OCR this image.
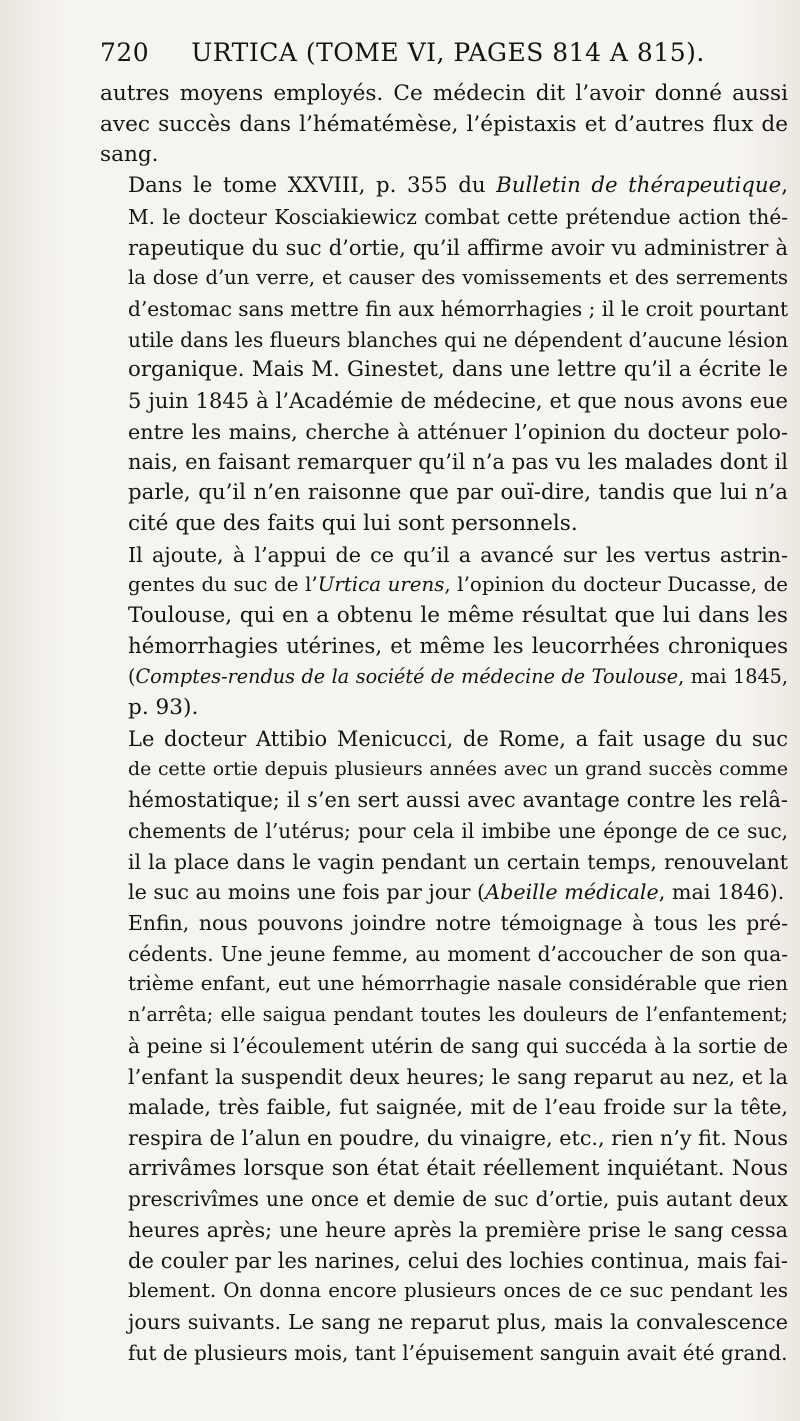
720 URTICA (TOME VI, PAGES 814 A 815).

autres moyens employés. Ce médecin dit l’avoir donné aussi
avec succès dans l’hématémèse, l’épistaxis et d’autres flux de
sang.

Dans le tome XXVIII, p. 355 du Bulletin de thérapeutique,
M. le docteur Kosciakiewicz combat cette prétendue action thé-
rapeutique du suc d’ortie, qu’il affirme avoir vu administrer à
la dose d’un verre, et causer des vomissements et des serrements
d’estomac sans mettre fin aux hémorrhagies ; il le croit pourtant
utile dans les flueurs blanches qui ne dépendent d’aucune lésion
organique. Mais M. Ginestet, dans une lettre qu’il a écrite le
5 juin 1845 à l’Académie de médecine, et que nous avons eue
entre les mains, cherche à atténuer l’opinion du docteur polo-
nais, en faisant remarquer qu’il n’a pas vu les malades dont il
parle, qu’il n’en raisonne que par ouï-dire, tandis que lui n’a
cité que des faits qui lui sont personnels.

Il ajoute, à l’appui de ce qu’il a avancé sur les vertus astrin-
gentes du suc de l’Urtica urens, l’opinion du docteur Ducasse, de
Toulouse, qui en a obtenu le même résultat que lui dans les
hémorrhagies utérines, et même les leucorrhées chroniques
(Comptes-rendus de la société de médecine de Toulouse, mai 1845,
p. 93).

Le docteur Attibio Menicucci, de Rome, a fait usage du suc
de cette ortie depuis plusieurs années avec un grand succès comme
hémostatique; il s’en sert aussi avec avantage contre les relâ-
chements de l’utérus; pour cela il imbibe une éponge de ce suc,
il la place dans le vagin pendant un certain temps, renouvelant
le suc au moins une fois par jour (Abeille médicale, mai 1846).

Enfin, nous pouvons joindre notre témoignage à tous les pré-
cédents. Une jeune femme, au moment d’accoucher de son qua-
trième enfant, eut une hémorrhagie nasale considérable que rien
n’arrêta; elle saigua pendant toutes les douleurs de l’enfantement;
à peine si l’écoulement utérin de sang qui succéda à la sortie de
l’enfant la suspendit deux heures; le sang reparut au nez, et la
malade, très faible, fut saignée, mit de l’eau froide sur la tête,
respira de l’alun en poudre, du vinaigre, etc., rien n’y fit. Nous
arrivâmes lorsque son état était réellement inquiétant. Nous
prescrivîmes une once et demie de suc d’ortie, puis autant deux
heures après; une heure après la première prise le sang cessa
de couler par les narines, celui des lochies continua, mais fai-
blement. On donna encore plusieurs onces de ce suc pendant les
jours suivants. Le sang ne reparut plus, mais la convalescence
fut de plusieurs mois, tant l’épuisement sanguin avait été grand.
